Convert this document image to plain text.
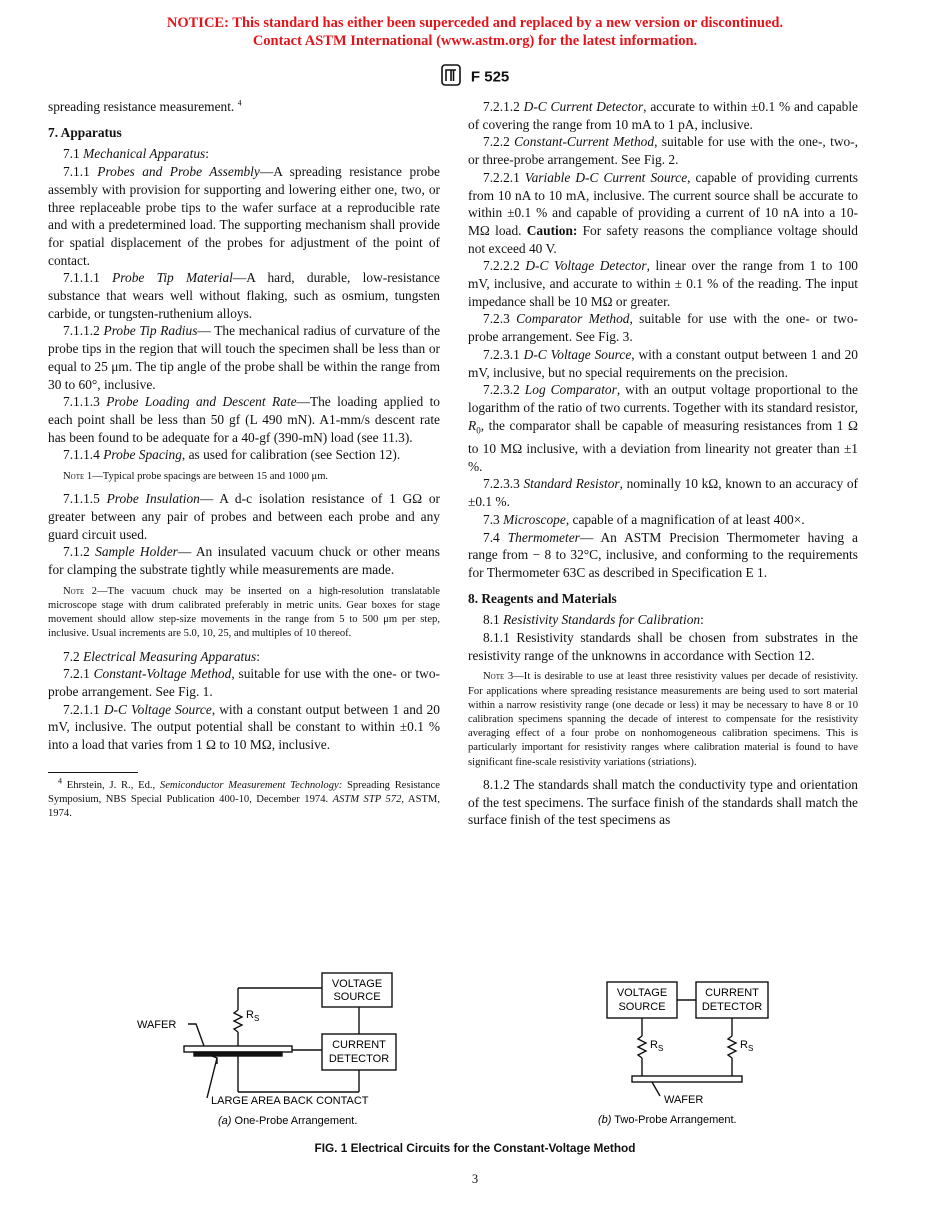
NOTICE: This standard has either been superceded and replaced by a new version or discontinued.
Contact ASTM International (www.astm.org) for the latest information.
F 525

spreading resistance measurement. $^4$

7. Apparatus

7.1 Mechanical Apparatus:

7.1.1 Probes and Probe Assembly—A spreading resistance probe assembly with provision for supporting and lowering either one, two, or three replaceable probe tips to the wafer surface at a reproducible rate and with a predetermined load. The supporting mechanism shall provide for spatial displacement of the probes for adjustment of the point of contact.

7.1.1.1 Probe Tip Material—A hard, durable, low-resistance substance that wears well without flaking, such as osmium, tungsten carbide, or tungsten-ruthenium alloys.

7.1.1.2 Probe Tip Radius— The mechanical radius of curvature of the probe tips in the region that will touch the specimen shall be less than or equal to 25 μm. The tip angle of the probe shall be within the range from 30 to 60°, inclusive.

7.1.1.3 Probe Loading and Descent Rate—The loading applied to each point shall be less than 50 gf (L 490 mN). A1-mm/s descent rate has been found to be adequate for a 40-gf (390-mN) load (see 11.3).

7.1.1.4 Probe Spacing, as used for calibration (see Section 12).

Note 1—Typical probe spacings are between 15 and 1000 μm.

7.1.1.5 Probe Insulation— A d-c isolation resistance of 1 GΩ or greater between any pair of probes and between each probe and any guard circuit used.

7.1.2 Sample Holder— An insulated vacuum chuck or other means for clamping the substrate tightly while measurements are made.

Note 2—The vacuum chuck may be inserted on a high-resolution translatable microscope stage with drum calibrated preferably in metric units. Gear boxes for stage movement should allow step-size movements in the range from 5 to 500 μm per step, inclusive. Usual increments are 5.0, 10, 25, and multiples of 10 thereof.

7.2 Electrical Measuring Apparatus:

7.2.1 Constant-Voltage Method, suitable for use with the one- or two-probe arrangement. See Fig. 1.

7.2.1.1 D-C Voltage Source, with a constant output between 1 and 20 mV, inclusive. The output potential shall be constant to within ±0.1 % into a load that varies from 1 Ω to 10 MΩ, inclusive.

$^4$ Ehrstein, J. R., Ed., Semiconductor Measurement Technology: Spreading Resistance Symposium, NBS Special Publication 400-10, December 1974. ASTM STP 572, ASTM, 1974.

7.2.1.2 D-C Current Detector, accurate to within ±0.1 % and capable of covering the range from 10 mA to 1 pA, inclusive.

7.2.2 Constant-Current Method, suitable for use with the one-, two-, or three-probe arrangement. See Fig. 2.

7.2.2.1 Variable D-C Current Source, capable of providing currents from 10 nA to 10 mA, inclusive. The current source shall be accurate to within ±0.1 % and capable of providing a current of 10 nA into a 10-MΩ load. Caution: For safety reasons the compliance voltage should not exceed 40 V.

7.2.2.2 D-C Voltage Detector, linear over the range from 1 to 100 mV, inclusive, and accurate to within ± 0.1 % of the reading. The input impedance shall be 10 MΩ or greater.

7.2.3 Comparator Method, suitable for use with the one- or two-probe arrangement. See Fig. 3.

7.2.3.1 D-C Voltage Source, with a constant output between 1 and 20 mV, inclusive, but no special requirements on the precision.

7.2.3.2 Log Comparator, with an output voltage proportional to the logarithm of the ratio of two currents. Together with its standard resistor, $R_0$, the comparator shall be capable of measuring resistances from 1 Ω to 10 MΩ inclusive, with a deviation from linearity not greater than ±1 %.

7.2.3.3 Standard Resistor, nominally 10 kΩ, known to an accuracy of ±0.1 %.

7.3 Microscope, capable of a magnification of at least 400×.

7.4 Thermometer— An ASTM Precision Thermometer having a range from − 8 to 32°C, inclusive, and conforming to the requirements for Thermometer 63C as described in Specification E 1.

8. Reagents and Materials

8.1 Resistivity Standards for Calibration:

8.1.1 Resistivity standards shall be chosen from substrates in the resistivity range of the unknowns in accordance with Section 12.

Note 3—It is desirable to use at least three resistivity values per decade of resistivity. For applications where spreading resistance measurements are being used to sort material within a narrow resistivity range (one decade or less) it may be necessary to have 8 or 10 calibration specimens spanning the decade of interest to compensate for the resistivity averaging effect of a four probe on nonhomogeneous calibration specimens. This is particularly important for resistivity ranges where calibration material is found to have significant fine-scale resistivity variations (striations).

8.1.2 The standards shall match the conductivity type and orientation of the test specimens. The surface finish of the standards shall match the surface finish of the test specimens as

VOLTAGE
SOURCE
CURRENT
DETECTOR
$R_S$
WAFER
LARGE AREA BACK CONTACT
(a) One-Probe Arrangement.
VOLTAGE
SOURCE
CURRENT
DETECTOR
$R_S$	$R_S$
WAFER
(b) Two-Probe Arrangement.
FIG. 1 Electrical Circuits for the Constant-Voltage Method
3
